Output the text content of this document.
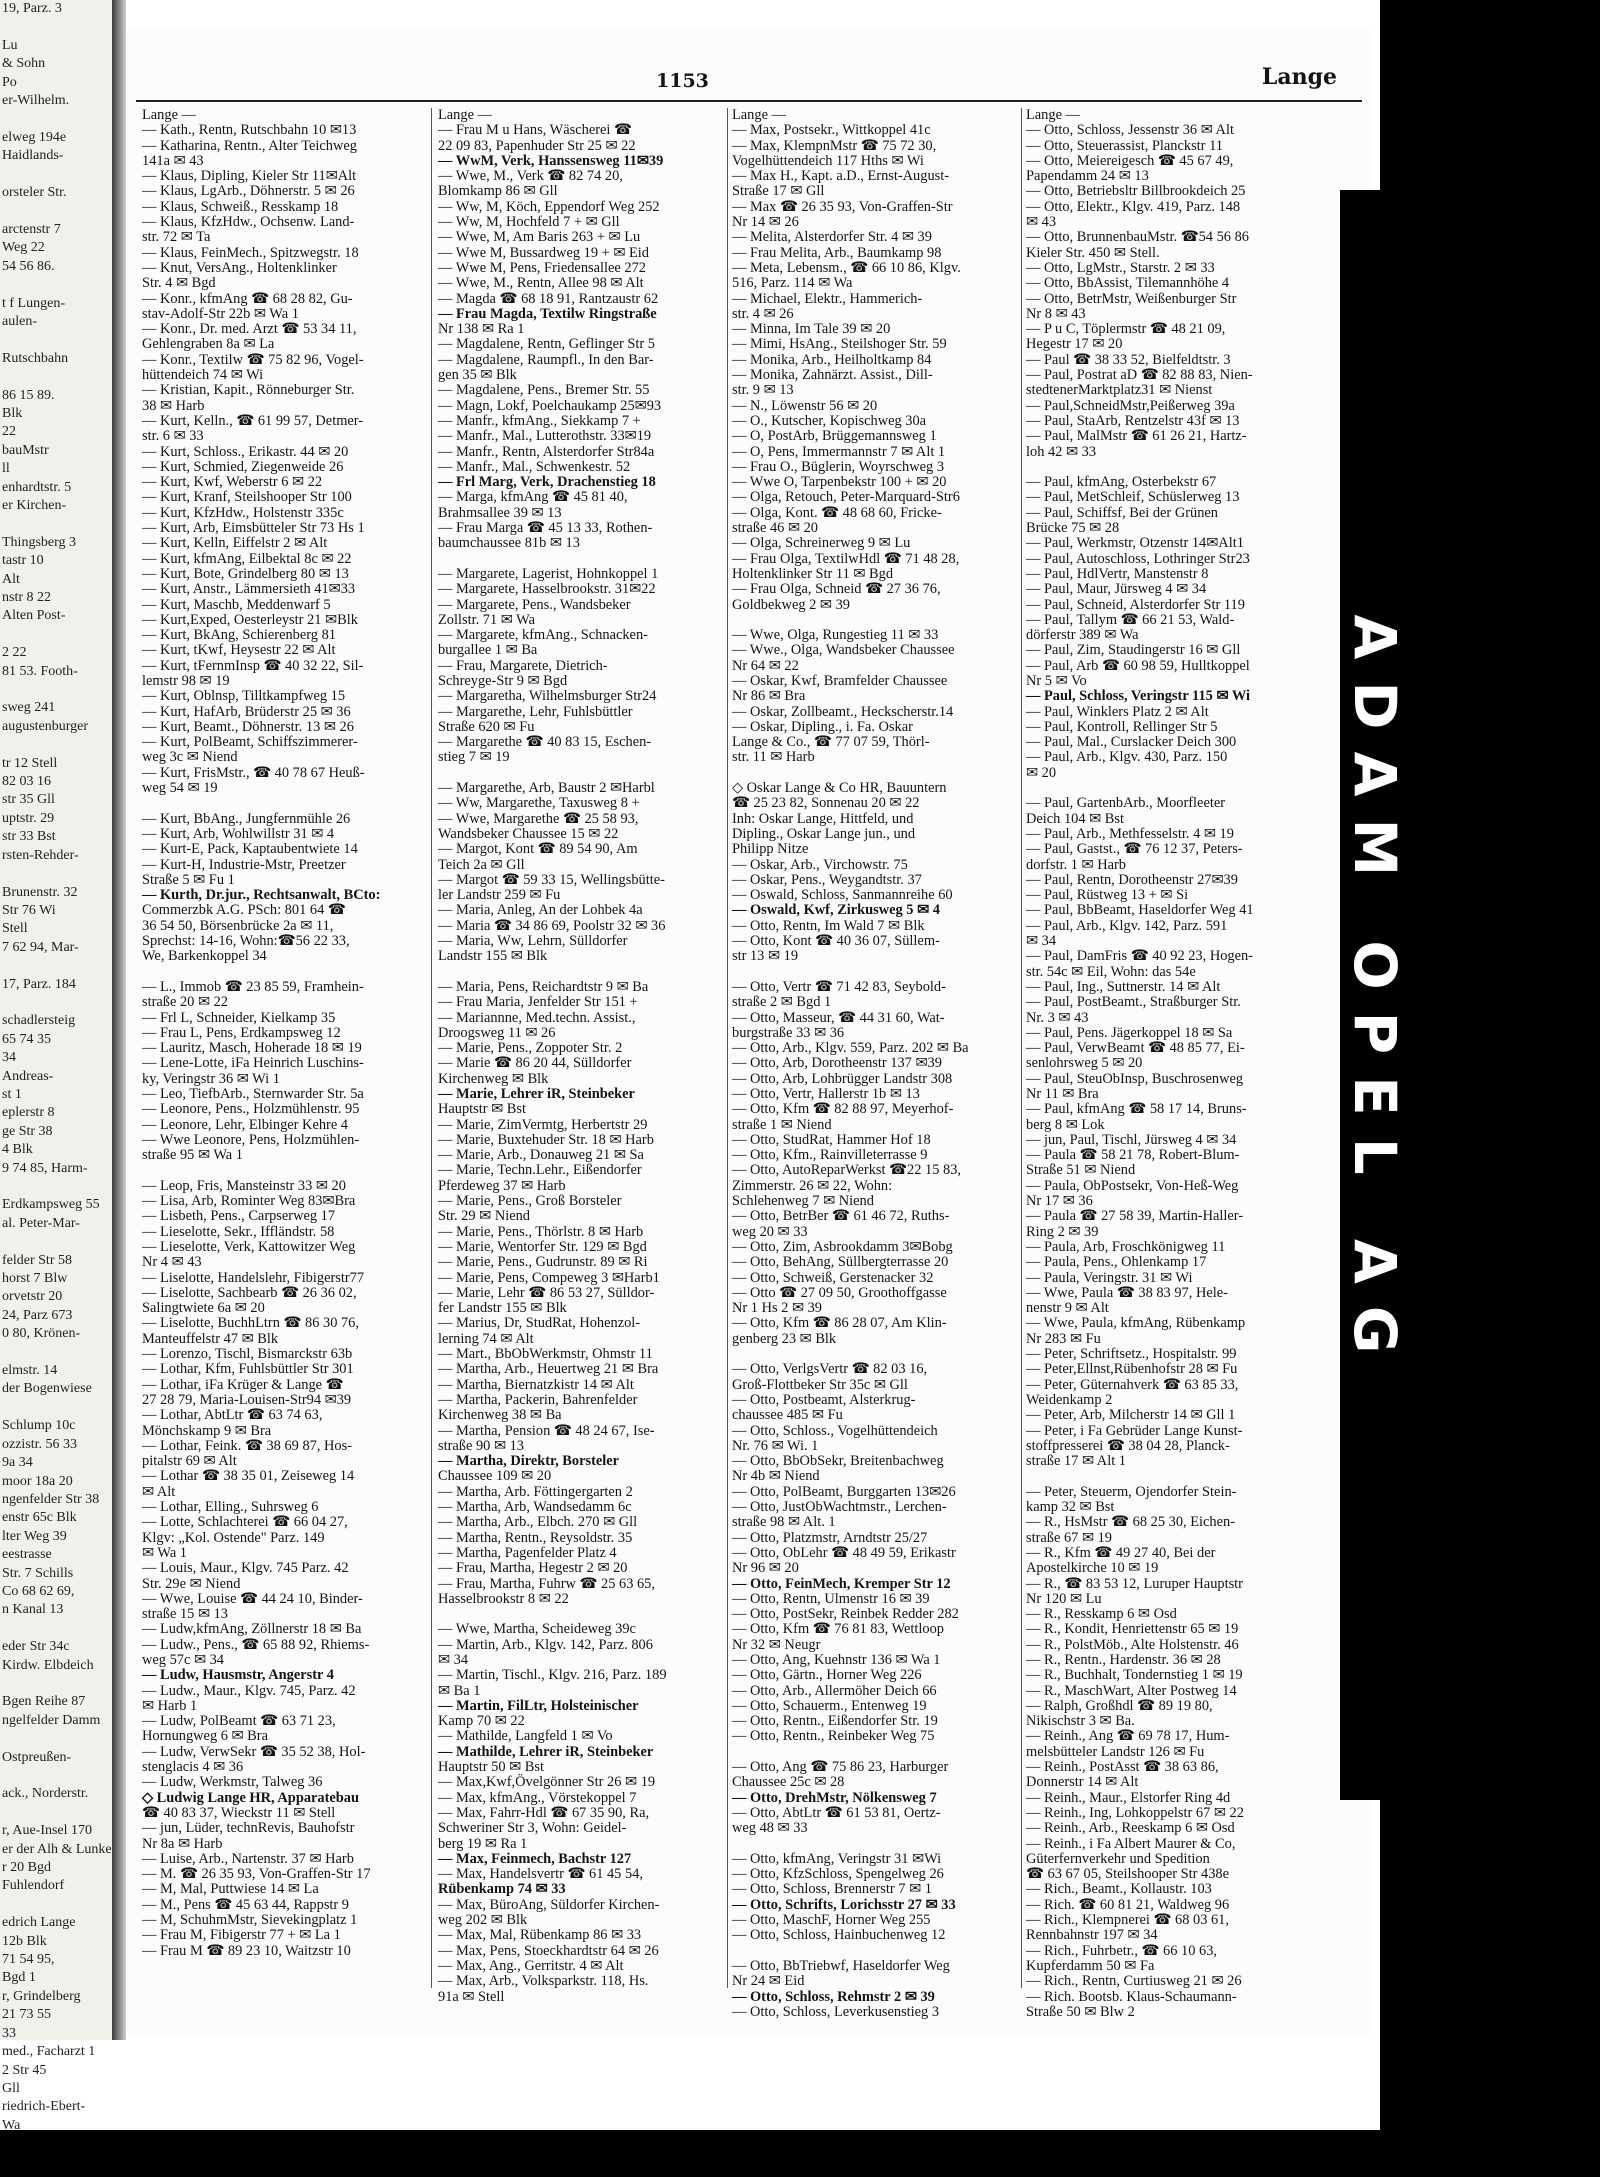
19, Parz. 3

Lu
& Sohn
Po
er-Wilhelm.

elweg 194e
Haidlands-

orsteler Str.

arctenstr 7
Weg 22
54 56 86.

t f Lungen-
aulen-

Rutschbahn

86 15 89.
Blk
22
bauMstr
ll
enhardtstr. 5
er Kirchen-

Thingsberg 3
tastr 10
Alt
nstr 8 22
Alten Post-

2 22
81 53. Footh-

sweg 241
augustenburger

tr 12 Stell
82 03 16
str 35 Gll
uptstr. 29
str 33 Bst
rsten-Rehder-

Brunenstr. 32
Str 76 Wi
Stell
7 62 94, Mar-

17, Parz. 184

schadlersteig
65 74 35
34
Andreas-
st 1
eplerstr 8
ge Str 38
4 Blk
9 74 85, Harm-

Erdkampsweg 55
al. Peter-Mar-

felder Str 58
horst 7 Blw
orvetstr 20
24, Parz 673
0 80, Krönen-

elmstr. 14
der Bogenwiese

Schlump 10c
ozzistr. 56 33
9a 34
moor 18a 20
ngenfelder Str 38
enstr 65c Blk
lter Weg 39
eestrasse
Str. 7 Schills
Co 68 62 69,
n Kanal 13

eder Str 34c
Kirdw. Elbdeich

Bgen Reihe 87
ngelfelder Damm

Ostpreußen-

ack., Norderstr.

r, Aue-Insel 170
er der Alh & Lunke
r 20 Bgd
Fuhlendorf

edrich Lange
12b Blk
71 54 95,
Bgd 1
r, Grindelberg
21 73 55
33
med., Facharzt 1
2 Str 45
Gll
riedrich-Ebert-
Wa
1153	Lange
Lange —
— Kath., Rentn, Rutschbahn 10 ✉13
— Katharina, Rentn., Alter Teichweg
141a ✉ 43
— Klaus, Dipling, Kieler Str 11✉Alt
— Klaus, LgArb., Döhnerstr. 5 ✉ 26
— Klaus, Schweiß., Resskamp 18
— Klaus, KfzHdw., Ochsenw. Land-
str. 72 ✉ Ta
— Klaus, FeinMech., Spitzwegstr. 18
— Knut, VersAng., Holtenklinker
Str. 4 ✉ Bgd
— Konr., kfmAng ☎ 68 28 82, Gu-
stav-Adolf-Str 22b ✉ Wa 1
— Konr., Dr. med. Arzt ☎ 53 34 11,
Gehlengraben 8a ✉ La
— Konr., Textilw ☎ 75 82 96, Vogel-
hüttendeich 74 ✉ Wi
— Kristian, Kapit., Rönneburger Str.
38 ✉ Harb
— Kurt, Kelln., ☎ 61 99 57, Detmer-
str. 6 ✉ 33
— Kurt, Schloss., Erikastr. 44 ✉ 20
— Kurt, Schmied, Ziegenweide 26
— Kurt, Kwf, Weberstr 6 ✉ 22
— Kurt, Kranf, Steilshooper Str 100
— Kurt, KfzHdw., Holstenstr 335c
— Kurt, Arb, Eimsbütteler Str 73 Hs 1
— Kurt, Kelln, Eiffelstr 2 ✉ Alt
— Kurt, kfmAng, Eilbektal 8c ✉ 22
— Kurt, Bote, Grindelberg 80 ✉ 13
— Kurt, Anstr., Lämmersieth 41✉33
— Kurt, Maschb, Meddenwarf 5
— Kurt,Exped, Oesterleystr 21 ✉Blk
— Kurt, BkAng, Schierenberg 81
— Kurt, tKwf, Heysestr 22 ✉ Alt
— Kurt, tFernmInsp ☎ 40 32 22, Sil-
lemstr 98 ✉ 19
— Kurt, Oblnsp, Tilltkampfweg 15
— Kurt, HafArb, Brüderstr 25 ✉ 36
— Kurt, Beamt., Döhnerstr. 13 ✉ 26
— Kurt, PolBeamt, Schiffszimmerer-
weg 3c ✉ Niend
— Kurt, FrisMstr., ☎ 40 78 67 Heuß-
weg 54 ✉ 19

— Kurt, BbAng., Jungfernmühle 26
— Kurt, Arb, Wohlwillstr 31 ✉ 4
— Kurt-E, Pack, Kaptaubentwiete 14
— Kurt-H, Industrie-Mstr, Preetzer
Straße 5 ✉ Fu 1
— Kurth, Dr.jur., Rechtsanwalt, BCto:
Commerzbk A.G. PSch: 801 64 ☎
36 54 50, Börsenbrücke 2a ✉ 11,
Sprechst: 14-16, Wohn:☎56 22 33,
We, Barkenkoppel 34

— L., Immob ☎ 23 85 59, Framhein-
straße 20 ✉ 22
— Frl L, Schneider, Kielkamp 35
— Frau L, Pens, Erdkampsweg 12
— Lauritz, Masch, Hoherade 18 ✉ 19
— Lene-Lotte, iFa Heinrich Luschins-
ky, Veringstr 36 ✉ Wi 1
— Leo, TiefbArb., Sternwarder Str. 5a
— Leonore, Pens., Holzmühlenstr. 95
— Leonore, Lehr, Elbinger Kehre 4
— Wwe Leonore, Pens, Holzmühlen-
straße 95 ✉ Wa 1

— Leop, Fris, Mansteinstr 33 ✉ 20
— Lisa, Arb, Rominter Weg 83✉Bra
— Lisbeth, Pens., Carpserweg 17
— Lieselotte, Sekr., Iffländstr. 58
— Lieselotte, Verk, Kattowitzer Weg
Nr 4 ✉ 43
— Liselotte, Handelslehr, Fibigerstr77
— Liselotte, Sachbearb ☎ 26 36 02,
Salingtwiete 6a ✉ 20
— Liselotte, BuchhLtrn ☎ 86 30 76,
Manteuffelstr 47 ✉ Blk
— Lorenzo, Tischl, Bismarckstr 63b
— Lothar, Kfm, Fuhlsbüttler Str 301
— Lothar, iFa Krüger & Lange ☎
27 28 79, Maria-Louisen-Str94 ✉39
— Lothar, AbtLtr ☎ 63 74 63,
Mönchskamp 9 ✉ Bra
— Lothar, Feink. ☎ 38 69 87, Hos-
pitalstr 69 ✉ Alt
— Lothar ☎ 38 35 01, Zeiseweg 14
✉ Alt
— Lothar, Elling., Suhrsweg 6
— Lotte, Schlachterei ☎ 66 04 27,
Klgv: „Kol. Ostende" Parz. 149
✉ Wa 1
— Louis, Maur., Klgv. 745 Parz. 42
Str. 29e ✉ Niend
— Wwe, Louise ☎ 44 24 10, Binder-
straße 15 ✉ 13
— Ludw,kfmAng, Zöllnerstr 18 ✉ Ba
— Ludw., Pens., ☎ 65 88 92, Rhiems-
weg 57c ✉ 34
— Ludw, Hausmstr, Angerstr 4
— Ludw., Maur., Klgv. 745, Parz. 42
✉ Harb 1
— Ludw, PolBeamt ☎ 63 71 23,
Hornungweg 6 ✉ Bra
— Ludw, VerwSekr ☎ 35 52 38, Hol-
stenglacis 4 ✉ 36
— Ludw, Werkmstr, Talweg 36
◇ Ludwig Lange HR, Apparatebau
☎ 40 83 37, Wieckstr 11 ✉ Stell
— jun, Lüder, technRevis, Bauhofstr
Nr 8a ✉ Harb
— Luise, Arb., Nartenstr. 37 ✉ Harb
— M. ☎ 26 35 93, Von-Graffen-Str 17
— M, Mal, Puttwiese 14 ✉ La
— M., Pens ☎ 45 63 44, Rappstr 9
— M, SchuhmMstr, Sievekingplatz 1
— Frau M, Fibigerstr 77 + ✉ La 1
— Frau M ☎ 89 23 10, Waitzstr 10
Lange —
— Frau M u Hans, Wäscherei ☎
22 09 83, Papenhuder Str 25 ✉ 22
— WwM, Verk, Hanssensweg 11✉39
— Wwe, M., Verk ☎ 82 74 20,
Blomkamp 86 ✉ Gll
— Ww, M, Köch, Eppendorf Weg 252
— Ww, M, Hochfeld 7 + ✉ Gll
— Wwe, M, Am Baris 263 + ✉ Lu
— Wwe M, Bussardweg 19 + ✉ Eid
— Wwe M, Pens, Friedensallee 272
— Wwe, M., Rentn, Allee 98 ✉ Alt
— Magda ☎ 68 18 91, Rantzaustr 62
— Frau Magda, Textilw Ringstraße
Nr 138 ✉ Ra 1
— Magdalene, Rentn, Geflinger Str 5
— Magdalene, Raumpfl., In den Bar-
gen 35 ✉ Blk
— Magdalene, Pens., Bremer Str. 55
— Magn, Lokf, Poelchaukamp 25✉93
— Manfr., kfmAng., Siekkamp 7 +
— Manfr., Mal., Lutterothstr. 33✉19
— Manfr., Rentn, Alsterdorfer Str84a
— Manfr., Mal., Schwenkestr. 52
— Frl Marg, Verk, Drachenstieg 18
— Marga, kfmAng ☎ 45 81 40,
Brahmsallee 39 ✉ 13
— Frau Marga ☎ 45 13 33, Rothen-
baumchaussee 81b ✉ 13

— Margarete, Lagerist, Hohnkoppel 1
— Margarete, Hasselbrookstr. 31✉22
— Margarete, Pens., Wandsbeker
Zollstr. 71 ✉ Wa
— Margarete, kfmAng., Schnacken-
burgallee 1 ✉ Ba
— Frau, Margarete, Dietrich-
Schreyge-Str 9 ✉ Bgd
— Margaretha, Wilhelmsburger Str24
— Margarethe, Lehr, Fuhlsbüttler
Straße 620 ✉ Fu
— Margarethe ☎ 40 83 15, Eschen-
stieg 7 ✉ 19

— Margarethe, Arb, Baustr 2 ✉Harbl
— Ww, Margarethe, Taxusweg 8 +
— Wwe, Margarethe ☎ 25 58 93,
Wandsbeker Chaussee 15 ✉ 22
— Margot, Kont ☎ 89 54 90, Am
Teich 2a ✉ Gll
— Margot ☎ 59 33 15, Wellingsbütte-
ler Landstr 259 ✉ Fu
— Maria, Anleg, An der Lohbek 4a
— Maria ☎ 34 86 69, Poolstr 32 ✉ 36
— Maria, Ww, Lehrn, Sülldorfer
Landstr 155 ✉ Blk

— Maria, Pens, Reichardtstr 9 ✉ Ba
— Frau Maria, Jenfelder Str 151 +
— Mariannne, Med.techn. Assist.,
Droogsweg 11 ✉ 26
— Marie, Pens., Zoppoter Str. 2
— Marie ☎ 86 20 44, Sülldorfer
Kirchenweg ✉ Blk
— Marie, Lehrer iR, Steinbeker
Hauptstr ✉ Bst
— Marie, ZimVermtg, Herbertstr 29
— Marie, Buxtehuder Str. 18 ✉ Harb
— Marie, Arb., Donauweg 21 ✉ Sa
— Marie, Techn.Lehr., Eißendorfer
Pferdeweg 37 ✉ Harb
— Marie, Pens., Groß Borsteler
Str. 29 ✉ Niend
— Marie, Pens., Thörlstr. 8 ✉ Harb
— Marie, Wentorfer Str. 129 ✉ Bgd
— Marie, Pens., Gudrunstr. 89 ✉ Ri
— Marie, Pens, Compeweg 3 ✉Harb1
— Marie, Lehr ☎ 86 53 27, Sülldor-
fer Landstr 155 ✉ Blk
— Marius, Dr, StudRat, Hohenzol-
lerning 74 ✉ Alt
— Mart., BbObWerkmstr, Ohmstr 11
— Martha, Arb., Heuertweg 21 ✉ Bra
— Martha, Biernatzkistr 14 ✉ Alt
— Martha, Packerin, Bahrenfelder
Kirchenweg 38 ✉ Ba
— Martha, Pension ☎ 48 24 67, Ise-
straße 90 ✉ 13
— Martha, Direktr, Borsteler
Chaussee 109 ✉ 20
— Martha, Arb. Föttingergarten 2
— Martha, Arb, Wandsedamm 6c
— Martha, Arb., Elbch. 270 ✉ Gll
— Martha, Rentn., Reysoldstr. 35
— Martha, Pagenfelder Platz 4
— Frau, Martha, Hegestr 2 ✉ 20
— Frau, Martha, Fuhrw ☎ 25 63 65,
Hasselbrookstr 8 ✉ 22

— Wwe, Martha, Scheideweg 39c
— Martin, Arb., Klgv. 142, Parz. 806
✉ 34
— Martin, Tischl., Klgv. 216, Parz. 189
✉ Ba 1
— Martin, FilLtr, Holsteinischer
Kamp 70 ✉ 22
— Mathilde, Langfeld 1 ✉ Vo
— Mathilde, Lehrer iR, Steinbeker
Hauptstr 50 ✉ Bst
— Max,Kwf,Övelgönner Str 26 ✉ 19
— Max, kfmAng., Vörstekoppel 7
— Max, Fahrr-Hdl ☎ 67 35 90, Ra,
Schweriner Str 3, Wohn: Geidel-
berg 19 ✉ Ra 1
— Max, Feinmech, Bachstr 127
— Max, Handelsvertr ☎ 61 45 54,
Rübenkamp 74 ✉ 33
— Max, BüroAng, Süldorfer Kirchen-
weg 202 ✉ Blk
— Max, Mal, Rübenkamp 86 ✉ 33
— Max, Pens, Stoeckhardtstr 64 ✉ 26
— Max, Ang., Gerritstr. 4 ✉ Alt
— Max, Arb., Volksparkstr. 118, Hs.
91a ✉ Stell
Lange —
— Max, Postsekr., Wittkoppel 41c
— Max, KlempnMstr ☎ 75 72 30,
Vogelhüttendeich 117 Hths ✉ Wi
— Max H., Kapt. a.D., Ernst-August-
Straße 17 ✉ Gll
— Max ☎ 26 35 93, Von-Graffen-Str
Nr 14 ✉ 26
— Melita, Alsterdorfer Str. 4 ✉ 39
— Frau Melita, Arb., Baumkamp 98
— Meta, Lebensm., ☎ 66 10 86, Klgv.
516, Parz. 114 ✉ Wa
— Michael, Elektr., Hammerich-
str. 4 ✉ 26
— Minna, Im Tale 39 ✉ 20
— Mimi, HsAng., Steilshoger Str. 59
— Monika, Arb., Heilholtkamp 84
— Monika, Zahnärzt. Assist., Dill-
str. 9 ✉ 13
— N., Löwenstr 56 ✉ 20
— O., Kutscher, Kopischweg 30a
— O, PostArb, Brüggemannsweg 1
— O, Pens, Immermannstr 7 ✉ Alt 1
— Frau O., Büglerin, Woyrschweg 3
— Wwe O, Tarpenbekstr 100 + ✉ 20
— Olga, Retouch, Peter-Marquard-Str6
— Olga, Kont. ☎ 48 68 60, Fricke-
straße 46 ✉ 20
— Olga, Schreinerweg 9 ✉ Lu
— Frau Olga, TextilwHdl ☎ 71 48 28,
Holtenklinker Str 11 ✉ Bgd
— Frau Olga, Schneid ☎ 27 36 76,
Goldbekweg 2 ✉ 39

— Wwe, Olga, Rungestieg 11 ✉ 33
— Wwe., Olga, Wandsbeker Chaussee
Nr 64 ✉ 22
— Oskar, Kwf, Bramfelder Chaussee
Nr 86 ✉ Bra
— Oskar, Zollbeamt., Heckscherstr.14
— Oskar, Dipling., i. Fa. Oskar
Lange & Co., ☎ 77 07 59, Thörl-
str. 11 ✉ Harb

◇ Oskar Lange & Co HR, Bauuntern
☎ 25 23 82, Sonnenau 20 ✉ 22
Inh: Oskar Lange, Hittfeld, und
Dipling., Oskar Lange jun., und
Philipp Nitze
— Oskar, Arb., Virchowstr. 75
— Oskar, Pens., Weygandtstr. 37
— Oswald, Schloss, Sanmannreihe 60
— Oswald, Kwf, Zirkusweg 5 ✉ 4
— Otto, Rentn, Im Wald 7 ✉ Blk
— Otto, Kont ☎ 40 36 07, Süllem-
str 13 ✉ 19

— Otto, Vertr ☎ 71 42 83, Seybold-
straße 2 ✉ Bgd 1
— Otto, Masseur, ☎ 44 31 60, Wat-
burgstraße 33 ✉ 36
— Otto, Arb., Klgv. 559, Parz. 202 ✉ Ba
— Otto, Arb, Dorotheenstr 137 ✉39
— Otto, Arb, Lohbrügger Landstr 308
— Otto, Vertr, Hallerstr 1b ✉ 13
— Otto, Kfm ☎ 82 88 97, Meyerhof-
straße 1 ✉ Niend
— Otto, StudRat, Hammer Hof 18
— Otto, Kfm., Rainvilleterrasse 9
— Otto, AutoReparWerkst ☎22 15 83,
Zimmerstr. 26 ✉ 22, Wohn:
Schlehenweg 7 ✉ Niend
— Otto, BetrBer ☎ 61 46 72, Ruths-
weg 20 ✉ 33
— Otto, Zim, Asbrookdamm 3✉Bobg
— Otto, BehAng, Süllbergterrasse 20
— Otto, Schweiß, Gerstenacker 32
— Otto ☎ 27 09 50, Groothoffgasse
Nr 1 Hs 2 ✉ 39
— Otto, Kfm ☎ 86 28 07, Am Klin-
genberg 23 ✉ Blk

— Otto, VerlgsVertr ☎ 82 03 16,
Groß-Flottbeker Str 35c ✉ Gll
— Otto, Postbeamt, Alsterkrug-
chaussee 485 ✉ Fu
— Otto, Schloss., Vogelhüttendeich
Nr. 76 ✉ Wi. 1
— Otto, BbObSekr, Breitenbachweg
Nr 4b ✉ Niend
— Otto, PolBeamt, Burggarten 13✉26
— Otto, JustObWachtmstr., Lerchen-
straße 98 ✉ Alt. 1
— Otto, Platzmstr, Arndtstr 25/27
— Otto, ObLehr ☎ 48 49 59, Erikastr
Nr 96 ✉ 20
— Otto, FeinMech, Kremper Str 12
— Otto, Rentn, Ulmenstr 16 ✉ 39
— Otto, PostSekr, Reinbek Redder 282
— Otto, Kfm ☎ 76 81 83, Wettloop
Nr 32 ✉ Neugr
— Otto, Ang, Kuehnstr 136 ✉ Wa 1
— Otto, Gärtn., Horner Weg 226
— Otto, Arb., Allermöher Deich 66
— Otto, Schauerm., Entenweg 19
— Otto, Rentn., Eißendorfer Str. 19
— Otto, Rentn., Reinbeker Weg 75

— Otto, Ang ☎ 75 86 23, Harburger
Chaussee 25c ✉ 28
— Otto, DrehMstr, Nölkensweg 7
— Otto, AbtLtr ☎ 61 53 81, Oertz-
weg 48 ✉ 33

— Otto, kfmAng, Veringstr 31 ✉Wi
— Otto, KfzSchloss, Spengelweg 26
— Otto, Schloss, Brennerstr 7 ✉ 1
— Otto, Schrifts, Lorichsstr 27 ✉ 33
— Otto, MaschF, Horner Weg 255
— Otto, Schloss, Hainbuchenweg 12

— Otto, BbTriebwf, Haseldorfer Weg
Nr 24 ✉ Eid
— Otto, Schloss, Rehmstr 2 ✉ 39
— Otto, Schloss, Leverkusenstieg 3
Lange —
— Otto, Schloss, Jessenstr 36 ✉ Alt
— Otto, Steuerassist, Planckstr 11
— Otto, Meiereigesch ☎ 45 67 49,
Papendamm 24 ✉ 13
— Otto, Betriebsltr Billbrookdeich 25
— Otto, Elektr., Klgv. 419, Parz. 148
✉ 43
— Otto, BrunnenbauMstr. ☎54 56 86
Kieler Str. 450 ✉ Stell.
— Otto, LgMstr., Starstr. 2 ✉ 33
— Otto, BbAssist, Tilemannhöhe 4
— Otto, BetrMstr, Weißenburger Str
Nr 8 ✉ 43
— P u C, Töplermstr ☎ 48 21 09,
Hegestr 17 ✉ 20
— Paul ☎ 38 33 52, Bielfeldtstr. 3
— Paul, Postrat aD ☎ 82 88 83, Nien-
stedtenerMarktplatz31 ✉ Nienst
— Paul,SchneidMstr,Peißerweg 39a
— Paul, StaArb, Rentzelstr 43f ✉ 13
— Paul, MalMstr ☎ 61 26 21, Hartz-
loh 42 ✉ 33

— Paul, kfmAng, Osterbekstr 67
— Paul, MetSchleif, Schüslerweg 13
— Paul, Schiffsf, Bei der Grünen
Brücke 75 ✉ 28
— Paul, Werkmstr, Otzenstr 14✉Alt1
— Paul, Autoschloss, Lothringer Str23
— Paul, HdlVertr, Manstenstr 8
— Paul, Maur, Jürsweg 4 ✉ 34
— Paul, Schneid, Alsterdorfer Str 119
— Paul, Tallym ☎ 66 21 53, Wald-
dörferstr 389 ✉ Wa
— Paul, Zim, Staudingerstr 16 ✉ Gll
— Paul, Arb ☎ 60 98 59, Hulltkoppel
Nr 5 ✉ Vo
— Paul, Schloss, Veringstr 115 ✉ Wi
— Paul, Winklers Platz 2 ✉ Alt
— Paul, Kontroll, Rellinger Str 5
— Paul, Mal., Curslacker Deich 300
— Paul, Arb., Klgv. 430, Parz. 150
✉ 20

— Paul, GartenbArb., Moorfleeter
Deich 104 ✉ Bst
— Paul, Arb., Methfesselstr. 4 ✉ 19
— Paul, Gastst., ☎ 76 12 37, Peters-
dorfstr. 1 ✉ Harb
— Paul, Rentn, Dorotheenstr 27✉39
— Paul, Rüstweg 13 + ✉ Si
— Paul, BbBeamt, Haseldorfer Weg 41
— Paul, Arb., Klgv. 142, Parz. 591
✉ 34
— Paul, DamFris ☎ 40 92 23, Hogen-
str. 54c ✉ Eil, Wohn: das 54e
— Paul, Ing., Suttnerstr. 14 ✉ Alt
— Paul, PostBeamt., Straßburger Str.
Nr. 3 ✉ 43
— Paul, Pens. Jägerkoppel 18 ✉ Sa
— Paul, VerwBeamt ☎ 48 85 77, Ei-
senlohrsweg 5 ✉ 20
— Paul, SteuObInsp, Buschrosenweg
Nr 11 ✉ Bra
— Paul, kfmAng ☎ 58 17 14, Bruns-
berg 8 ✉ Lok
— jun, Paul, Tischl, Jürsweg 4 ✉ 34
— Paula ☎ 58 21 78, Robert-Blum-
Straße 51 ✉ Niend
— Paula, ObPostsekr, Von-Heß-Weg
Nr 17 ✉ 36
— Paula ☎ 27 58 39, Martin-Haller-
Ring 2 ✉ 39
— Paula, Arb, Froschkönigweg 11
— Paula, Pens., Ohlenkamp 17
— Paula, Veringstr. 31 ✉ Wi
— Wwe, Paula ☎ 38 83 97, Hele-
nenstr 9 ✉ Alt
— Wwe, Paula, kfmAng, Rübenkamp
Nr 283 ✉ Fu
— Peter, Schriftsetz., Hospitalstr. 99
— Peter,Ellnst,Rübenhofstr 28 ✉ Fu
— Peter, Güternahverk ☎ 63 85 33,
Weidenkamp 2
— Peter, Arb, Milcherstr 14 ✉ Gll 1
— Peter, i Fa Gebrüder Lange Kunst-
stoffpresserei ☎ 38 04 28, Planck-
straße 17 ✉ Alt 1

— Peter, Steuerm, Ojendorfer Stein-
kamp 32 ✉ Bst
— R., HsMstr ☎ 68 25 30, Eichen-
straße 67 ✉ 19
— R., Kfm ☎ 49 27 40, Bei der
Apostelkirche 10 ✉ 19
— R., ☎ 83 53 12, Luruper Hauptstr
Nr 120 ✉ Lu
— R., Resskamp 6 ✉ Osd
— R., Kondit, Henriettenstr 65 ✉ 19
— R., PolstMöb., Alte Holstenstr. 46
— R., Rentn., Hardenstr. 36 ✉ 28
— R., Buchhalt, Tondernstieg 1 ✉ 19
— R., MaschWart, Alter Postweg 14
— Ralph, Großhdl ☎ 89 19 80,
Nikischstr 3 ✉ Ba.
— Reinh., Ang ☎ 69 78 17, Hum-
melsbütteler Landstr 126 ✉ Fu
— Reinh., PostAsst ☎ 38 63 86,
Donnerstr 14 ✉ Alt
— Reinh., Maur., Elstorfer Ring 4d
— Reinh., Ing, Lohkoppelstr 67 ✉ 22
— Reinh., Arb., Reeskamp 6 ✉ Osd
— Reinh., i Fa Albert Maurer & Co,
Güterfernverkehr und Spedition
☎ 63 67 05, Steilshooper Str 438e
— Rich., Beamt., Kollaustr. 103
— Rich. ☎ 60 81 21, Waldweg 96
— Rich., Klempnerei ☎ 68 03 61,
Rennbahnstr 197 ✉ 34
— Rich., Fuhrbetr., ☎ 66 10 63,
Kupferdamm 50 ✉ Fa
— Rich., Rentn, Curtiusweg 21 ✉ 26
— Rich. Bootsb. Klaus-Schaumann-
Straße 50 ✉ Blw 2
ADAM OPEL AG
